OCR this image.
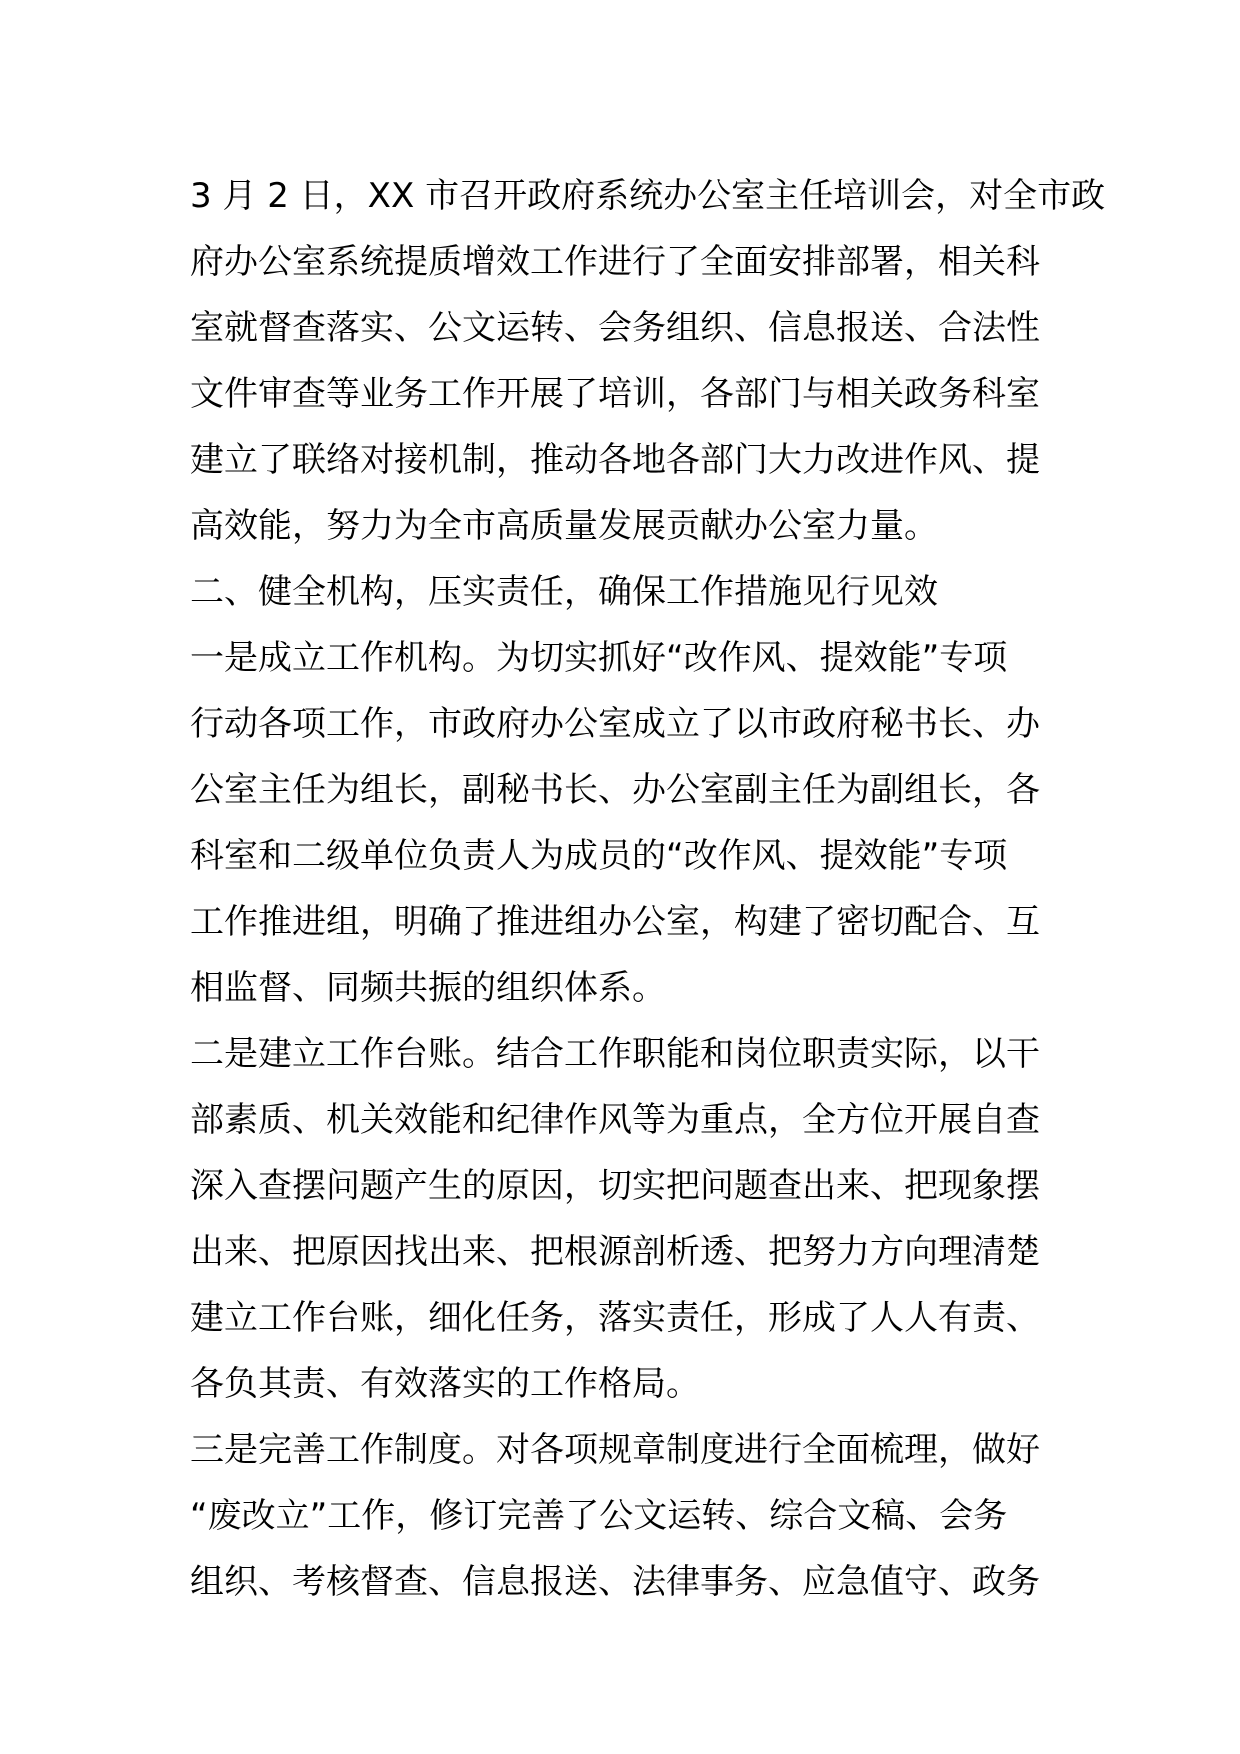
3 月 2 日，XX 市召开政府系统办公室主任培训会，对全市政
府办公室系统提质增效工作进行了全面安排部署，相关科
室就督查落实、公文运转、会务组织、信息报送、合法性
文件审查等业务工作开展了培训，各部门与相关政务科室
建立了联络对接机制，推动各地各部门大力改进作风、提
高效能，努力为全市高质量发展贡献办公室力量。
二、健全机构，压实责任，确保工作措施见行见效
一是成立工作机构。为切实抓好“改作风、提效能”专项
行动各项工作，市政府办公室成立了以市政府秘书长、办
公室主任为组长，副秘书长、办公室副主任为副组长，各
科室和二级单位负责人为成员的“改作风、提效能”专项
工作推进组，明确了推进组办公室，构建了密切配合、互
相监督、同频共振的组织体系。
二是建立工作台账。结合工作职能和岗位职责实际，以干
部素质、机关效能和纪律作风等为重点，全方位开展自查
深入查摆问题产生的原因，切实把问题查出来、把现象摆
出来、把原因找出来、把根源剖析透、把努力方向理清楚
建立工作台账，细化任务，落实责任，形成了人人有责、
各负其责、有效落实的工作格局。
三是完善工作制度。对各项规章制度进行全面梳理，做好
“废改立”工作，修订完善了公文运转、综合文稿、会务
组织、考核督查、信息报送、法律事务、应急值守、政务
